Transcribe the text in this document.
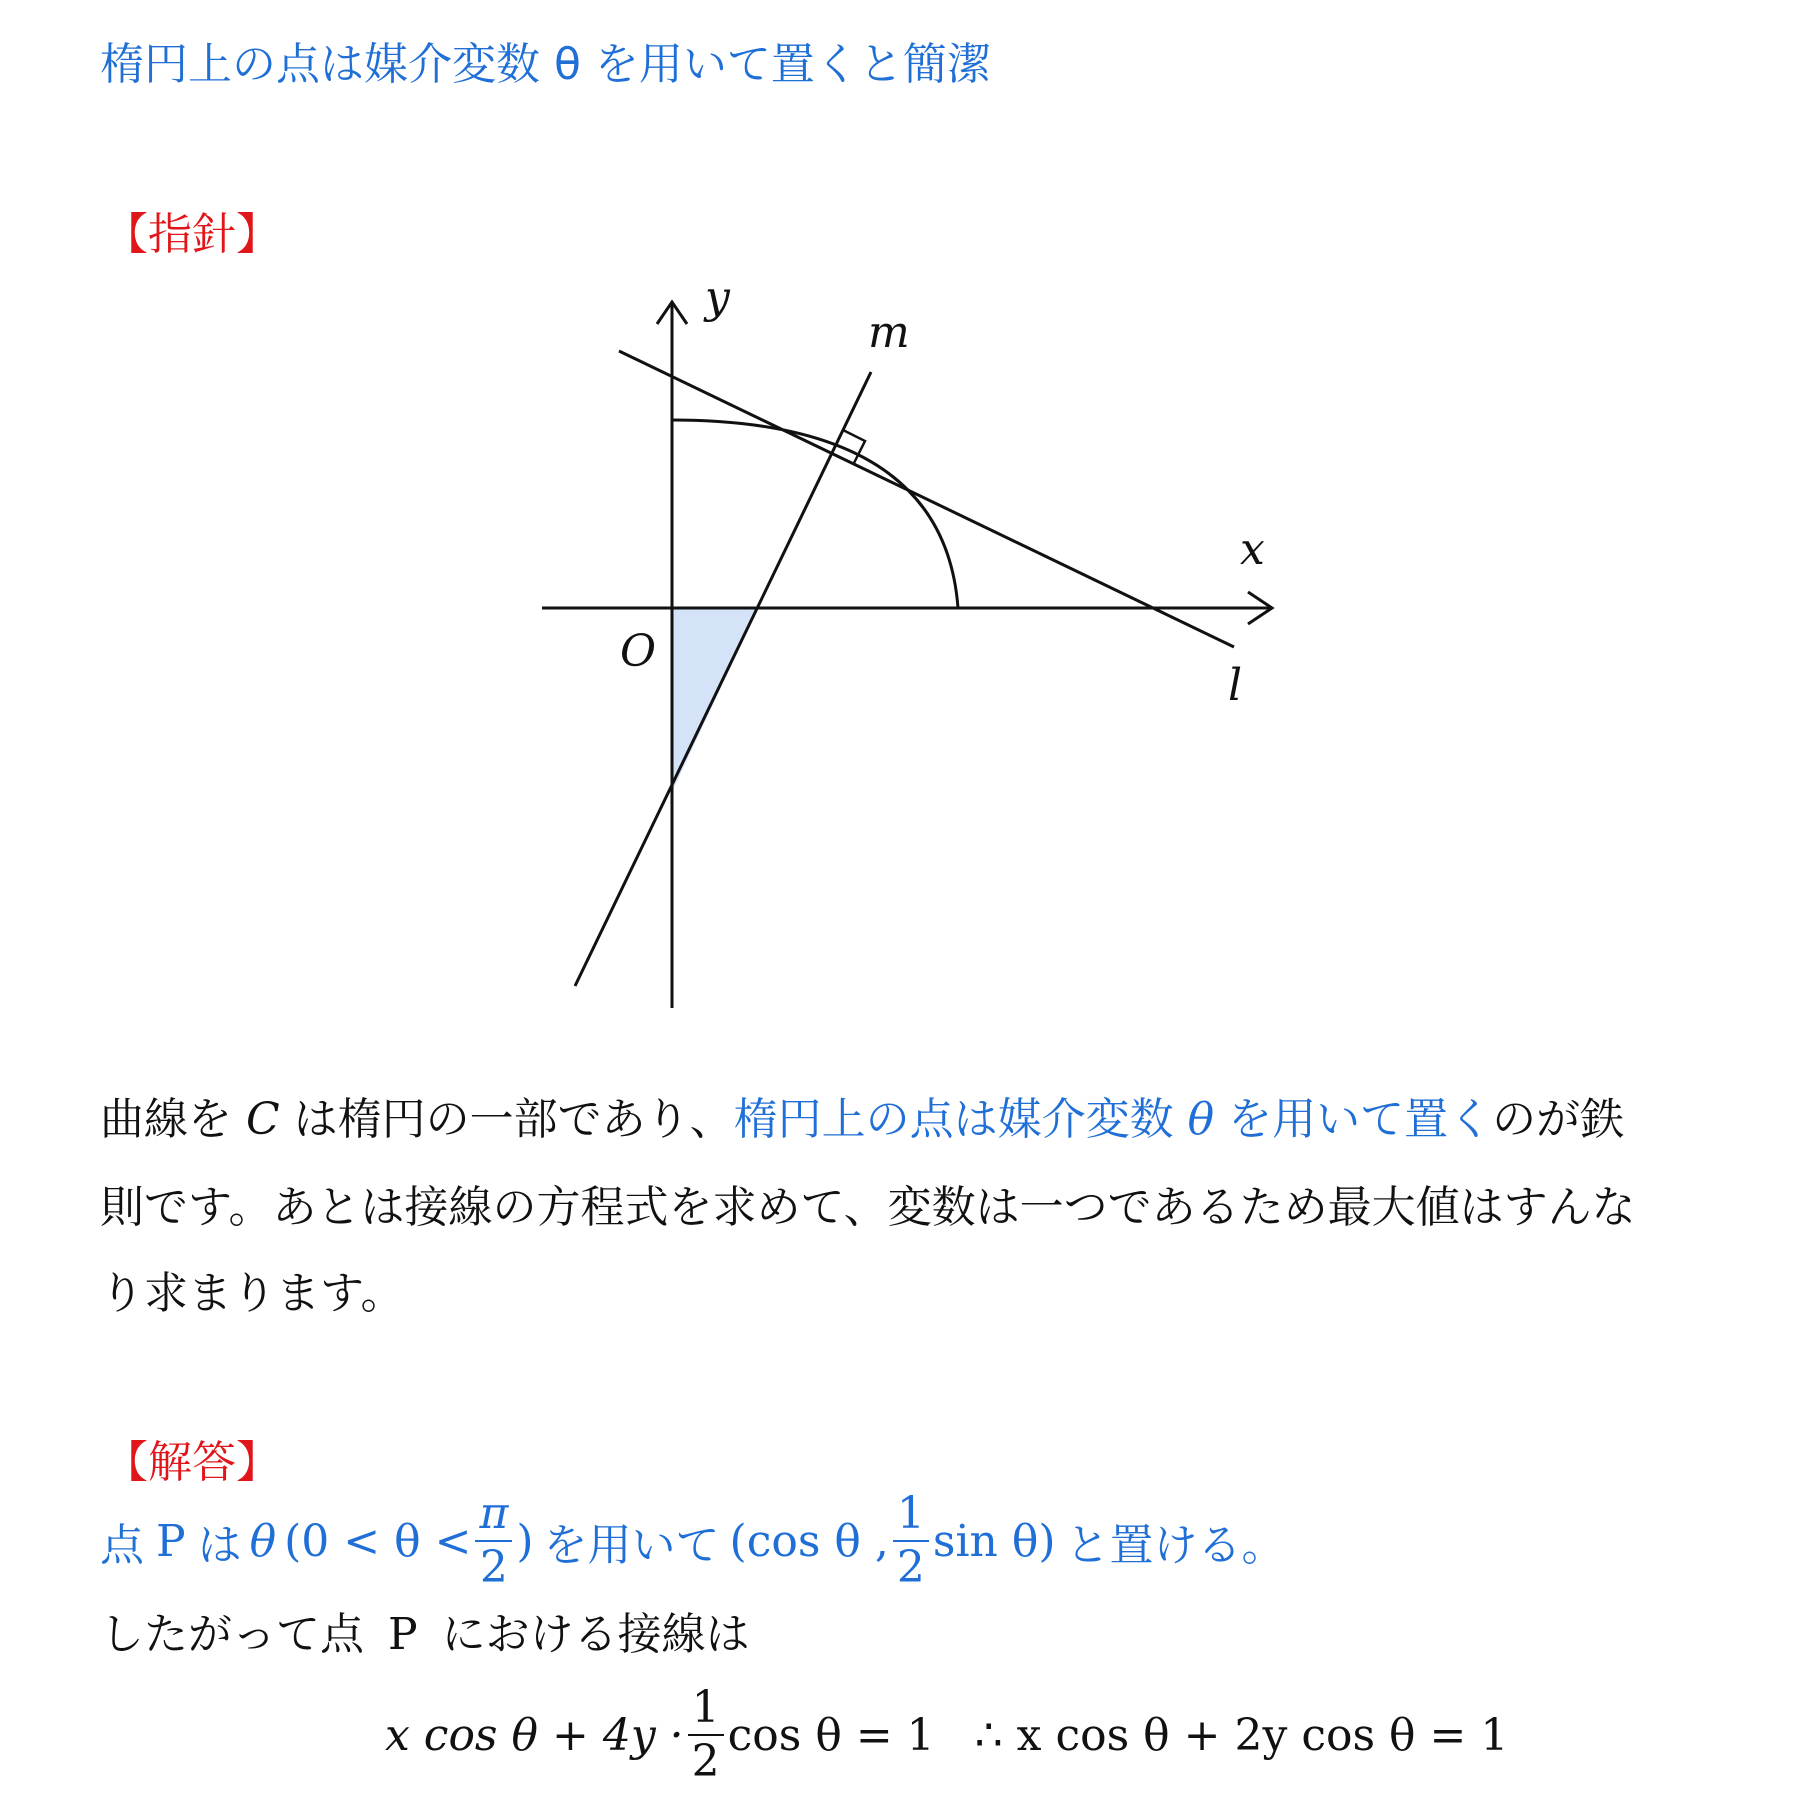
楕円上の点は媒介変数 θ を用いて置くと簡潔
【指針】
y
m
x
O
l
曲線を C は楕円の一部であり、楕円上の点は媒介変数 θ を用いて置くのが鉄
則です。あとは接線の方程式を求めて、変数は一つであるため最大値はすんな
り求まります。
【解答】
点 P は θ ($0 < \theta < \frac{\pi}{2}$ ) を用いて (cos θ , $\frac{1}{2}$ sin θ) と置ける。
したがって点 P における接線は
x $\cos \theta + 4y \cdot \frac{1}{2}$ cos θ = 1 ∴ x cos θ + 2y cos θ = 1
